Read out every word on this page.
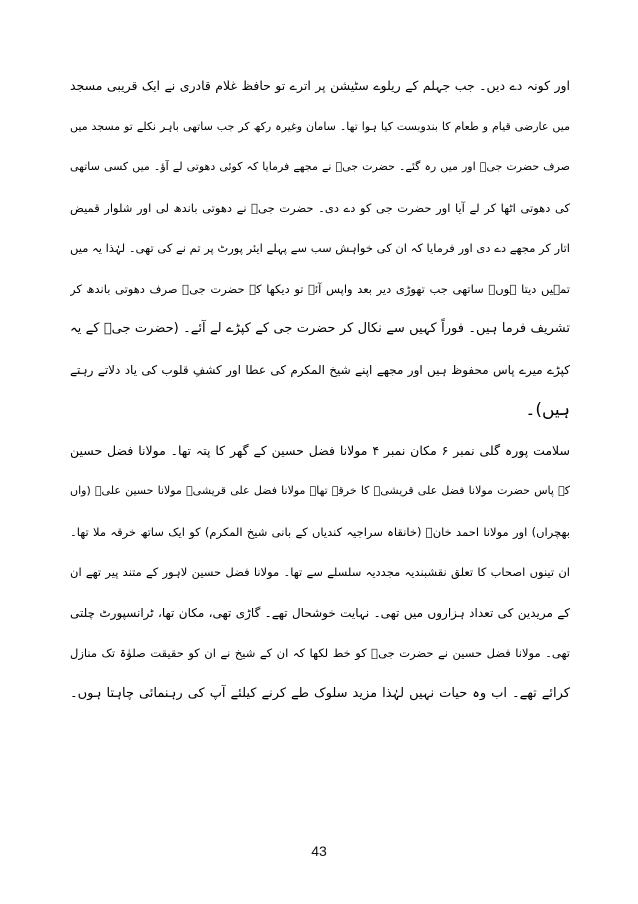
اور کونہ دے دیں۔ جب جہلم کے ریلوے سٹیشن پر اترے تو حافظ غلام قادری نے ایک قریبی مسجد
میں عارضی قیام و طعام کا بندوبست کیا ہوا تھا۔ سامان وغیرہ رکھ کر جب ساتھی باہر نکلے تو مسجد میں
صرف حضرت جیؒ اور میں رہ گئے۔ حضرت جیؒ نے مجھے فرمایا کہ کوئی دھوتی لے آؤ۔ میں کسی ساتھی
کی دھوتی اٹھا کر لے آیا اور حضرت جی کو دے دی۔ حضرت جیؒ نے دھوتی باندھ لی اور شلوار قمیض
اتار کر مجھے دے دی اور فرمایا کہ ان کی خواہش سب سے پہلے ایئر پورٹ پر تم نے کی تھی۔ لہٰذا یہ میں
تمہیں دیتا ہوں۔ ساتھی جب تھوڑی دیر بعد واپس آئے تو دیکھا کہ حضرت جیؒ صرف دھوتی باندھ کر
تشریف فرما ہیں۔ فوراً کہیں سے نکال کر حضرت جی کے کپڑے لے آئے۔ (حضرت جیؒ کے یہ
کپڑے میرے پاس محفوظ ہیں اور مجھے اپنے شیخ المکرم کی عطا اور کشفِ قلوب کی یاد دلاتے رہتے
ہیں)۔
سلامت پورہ گلی نمبر ۶ مکان نمبر ۴ مولانا فضل حسین کے گھر کا پتہ تھا۔ مولانا فضل حسین
کے پاس حضرت مولانا فضل علی قریشیؒ کا خرقہ تھا۔ مولانا فضل علی قریشیؒ مولانا حسین علیؒ (واں
بھچراں) اور مولانا احمد خانؒ (خانقاہ سراجیہ کندیاں کے بانی شیخ المکرم) کو ایک ساتھ خرقہ ملا تھا۔
ان تینوں اصحاب کا تعلق نقشبندیہ مجددیہ سلسلے سے تھا۔ مولانا فضل حسین لاہور کے متند پیر تھے ان
کے مریدین کی تعداد ہزاروں میں تھی۔ نہایت خوشحال تھے۔ گاڑی تھی، مکان تھا، ٹرانسپورٹ چلتی
تھی۔ مولانا فضل حسین نے حضرت جیؒ کو خط لکھا کہ ان کے شیخ نے ان کو حقیقت صلوٰۃ تک منازل
کرائے تھے۔ اب وہ حیات نہیں لہٰذا مزید سلوک طے کرنے کیلئے آپ کی رہنمائی چاہتا ہوں۔
43
